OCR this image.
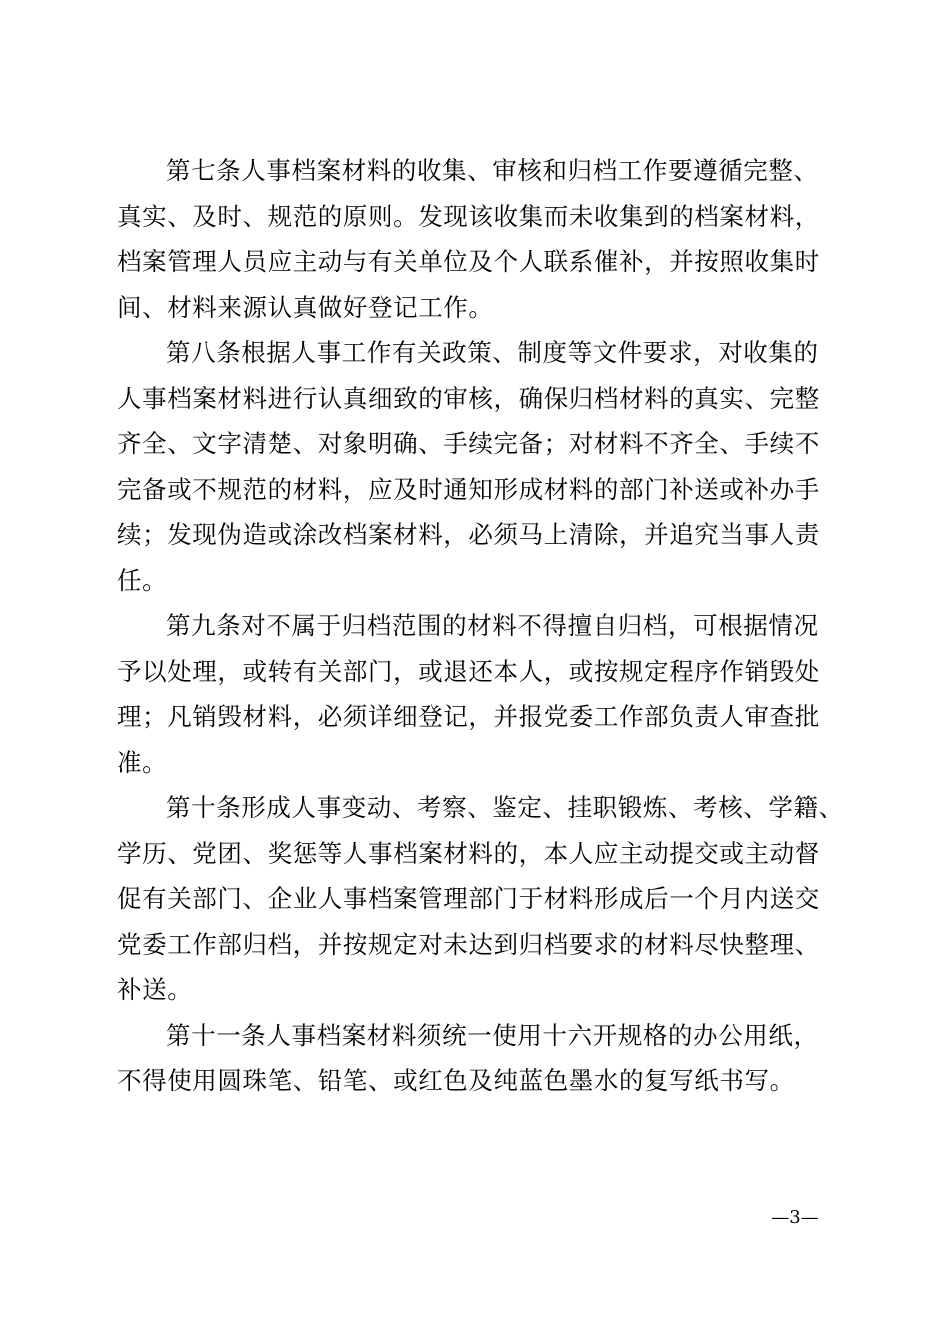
第七条人事档案材料的收集、审核和归档工作要遵循完整、
真实、及时、规范的原则。发现该收集而未收集到的档案材料，
档案管理人员应主动与有关单位及个人联系催补，并按照收集时
间、材料来源认真做好登记工作。
第八条根据人事工作有关政策、制度等文件要求，对收集的
人事档案材料进行认真细致的审核，确保归档材料的真实、完整
齐全、文字清楚、对象明确、手续完备；对材料不齐全、手续不
完备或不规范的材料，应及时通知形成材料的部门补送或补办手
续；发现伪造或涂改档案材料，必须马上清除，并追究当事人责
任。
第九条对不属于归档范围的材料不得擅自归档，可根据情况
予以处理，或转有关部门，或退还本人，或按规定程序作销毁处
理；凡销毁材料，必须详细登记，并报党委工作部负责人审查批
准。
第十条形成人事变动、考察、鉴定、挂职锻炼、考核、学籍、
学历、党团、奖惩等人事档案材料的，本人应主动提交或主动督
促有关部门、企业人事档案管理部门于材料形成后一个月内送交
党委工作部归档，并按规定对未达到归档要求的材料尽快整理、
补送。
第十一条人事档案材料须统一使用十六开规格的办公用纸，
不得使用圆珠笔、铅笔、或红色及纯蓝色墨水的复写纸书写。
—3—
